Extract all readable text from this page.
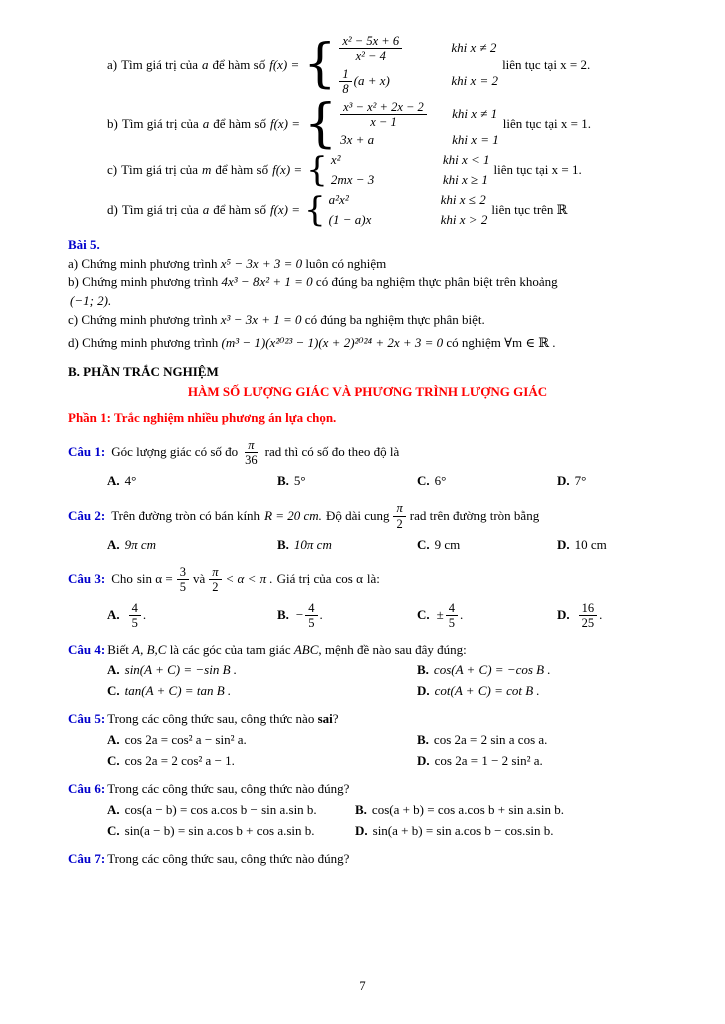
a) Tìm giá trị của a để hàm số f(x) = { $\frac{\text{x² − 5x + 6}}{\text{x² − 4}}$	khi x ≠ 2
$\frac{1}{8} (a + x)$	khi x = 2
liên tục tại x = 2.
b) Tìm giá trị của a để hàm số f(x) = { $\frac{\text{x³ − x² + 2x − 2}}{x - 1}$ khi x ≠ 1
3x + a	khi x = 1
liên tục tại x = 1.
c) Tìm giá trị của m để hàm số f(x) = { x²	khi x < 1
2mx − 3	khi x ≥ 1
liên tục tại x = 1.
d) Tìm giá trị của a để hàm số f(x) = { a²x²	khi x ≤ 2
(1 − a)x	khi x > 2
liên tục trên ℝ
Bài 5.
a) Chứng minh phương trình x⁵ − 3x + 3 = 0 luôn có nghiệm
b) Chứng minh phương trình 4x³ − 8x² + 1 = 0 có đúng ba nghiệm thực phân biệt trên khoảng
(−1; 2).
c) Chứng minh phương trình x³ − 3x + 1 = 0 có đúng ba nghiệm thực phân biệt.
d) Chứng minh phương trình (m³ − 1)(x²⁰²³ − 1)(x + 2)²⁰²⁴ + 2x + 3 = 0 có nghiệm ∀m ∈ ℝ .
B. PHẦN TRẮC NGHIỆM
HÀM SỐ LƯỢNG GIÁC VÀ PHƯƠNG TRÌNH LƯỢNG GIÁC
Phần 1: Trắc nghiệm nhiều phương án lựa chọn.
Câu 1: Góc lượng giác có số đo $\frac{\pi}{36}$ rad thì có số đo theo độ là
A. 4°	B. 5°	C. 6°	D. 7°
Câu 2: Trên đường tròn có bán kính R = 20 cm. Độ dài cung $\frac{\pi}{2}$ rad trên đường tròn bằng
A. 9π cm	B. 10π cm	C. 9 cm	D. 10 cm
Câu 3: Cho $\sin \alpha = \frac{3}{5}$ và $\frac{\pi}{2} < \alpha < \pi$ . Giá trị của cos α là:
A. $\frac{4}{5}$ .	B. − $\frac{4}{5}$ .	C. ± $\frac{4}{5}$ .	D. $\frac{16}{25}$ .
Câu 4: Biết A, B,C là các góc của tam giác ABC, mệnh đề nào sau đây đúng:
A. sin(A + C) = −sin B .	B. cos(A + C) = −cos B .
C. tan(A + C) = tan B .	D. cot(A + C) = cot B .
Câu 5: Trong các công thức sau, công thức nào sai?
A. cos 2a = cos² a − sin² a.	B. cos 2a = 2 sin a cos a.
C. cos 2a = 2 cos² a − 1.	D. cos 2a = 1 − 2 sin² a.
Câu 6: Trong các công thức sau, công thức nào đúng?
A. cos(a − b) = cos a.cos b − sin a.sin b.	B. cos(a + b) = cos a.cos b + sin a.sin b.
C. sin(a − b) = sin a.cos b + cos a.sin b.	D. sin(a + b) = sin a.cos b − cos.sin b.
Câu 7: Trong các công thức sau, công thức nào đúng?
7
